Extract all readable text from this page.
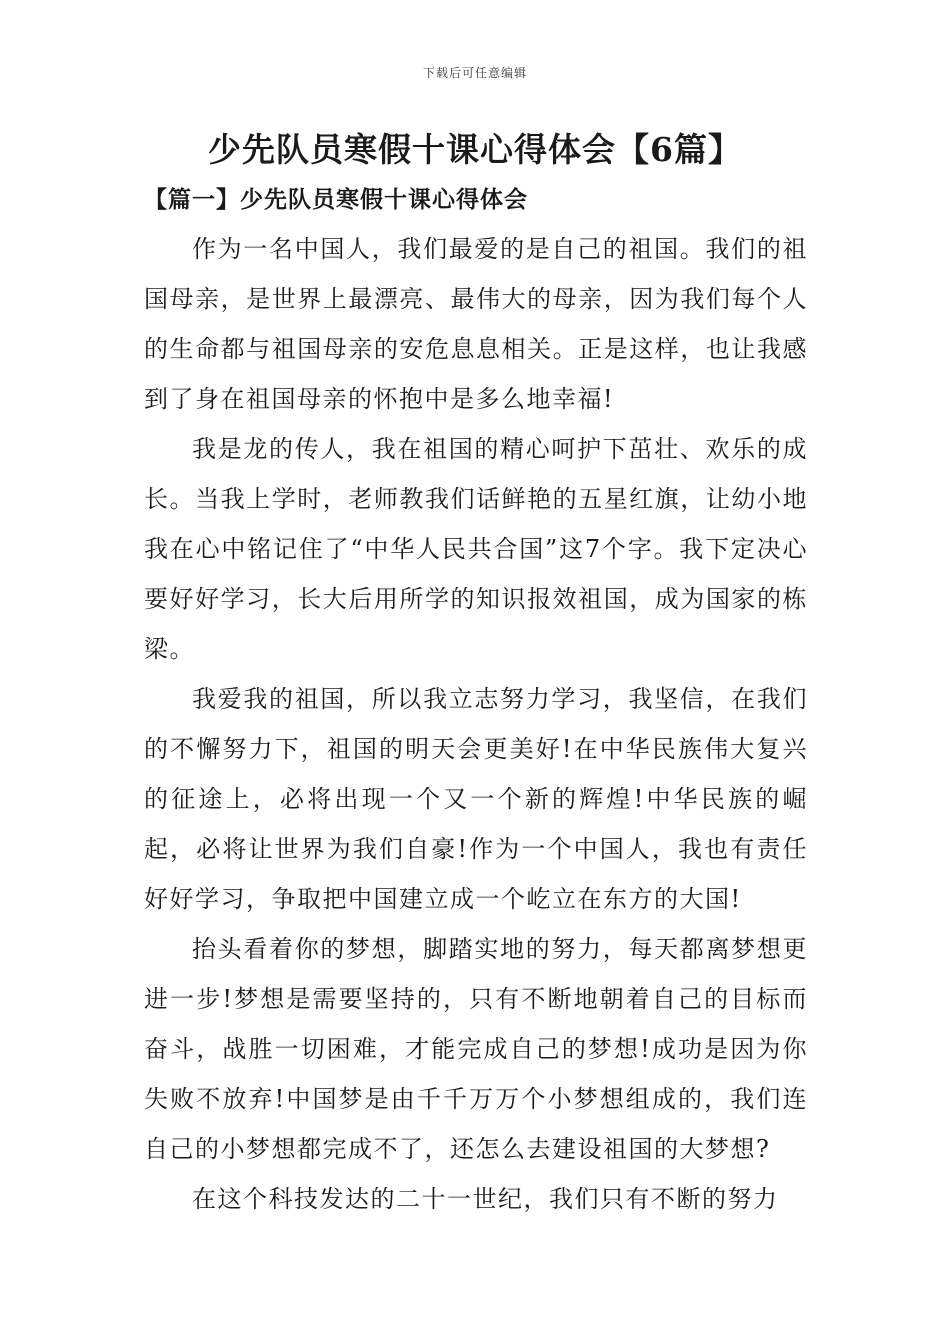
下载后可任意编辑
少先队员寒假十课心得体会【6篇】
【篇一】少先队员寒假十课心得体会

作为一名中国人，我们最爱的是自己的祖国。我们的祖国母亲，是世界上最漂亮、最伟大的母亲，因为我们每个人的生命都与祖国母亲的安危息息相关。正是这样，也让我感到了身在祖国母亲的怀抱中是多么地幸福!

我是龙的传人，我在祖国的精心呵护下茁壮、欢乐的成长。当我上学时，老师教我们话鲜艳的五星红旗，让幼小地我在心中铭记住了“中华人民共合国”这7个字。我下定决心要好好学习，长大后用所学的知识报效祖国，成为国家的栋梁。

我爱我的祖国，所以我立志努力学习，我坚信，在我们的不懈努力下，祖国的明天会更美好!在中华民族伟大复兴的征途上，必将出现一个又一个新的辉煌!中华民族的崛起，必将让世界为我们自豪!作为一个中国人，我也有责任好好学习，争取把中国建立成一个屹立在东方的大国!

抬头看着你的梦想，脚踏实地的努力，每天都离梦想更进一步!梦想是需要坚持的，只有不断地朝着自己的目标而奋斗，战胜一切困难，才能完成自己的梦想!成功是因为你失败不放弃!中国梦是由千千万万个小梦想组成的，我们连自己的小梦想都完成不了，还怎么去建设祖国的大梦想?

在这个科技发达的二十一世纪，我们只有不断的努力
